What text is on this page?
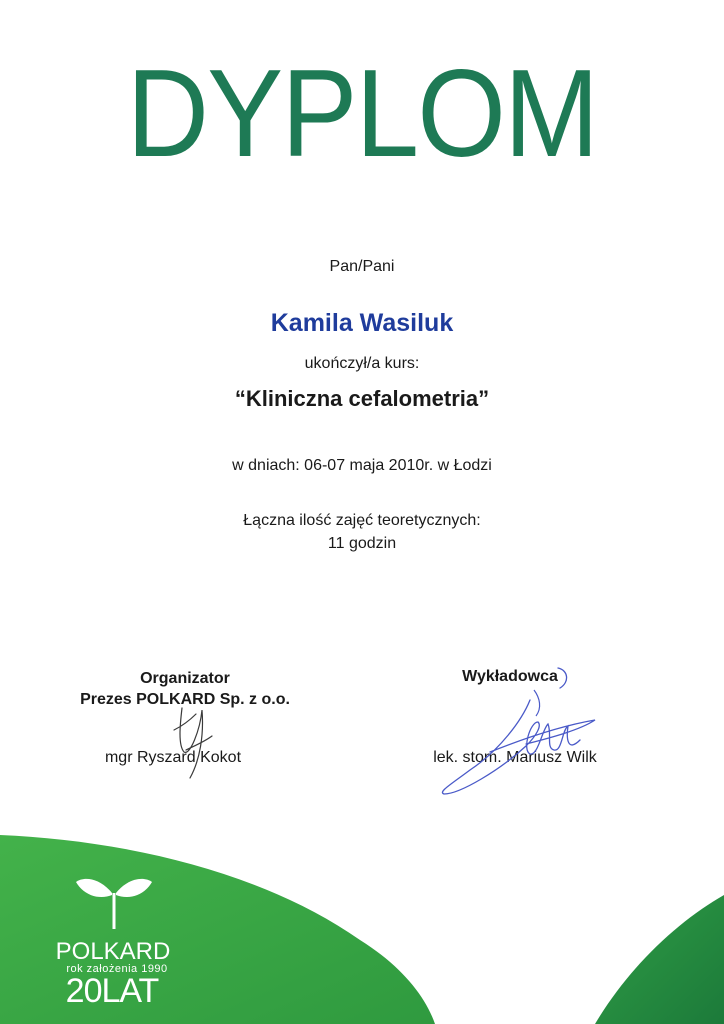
DYPLOM
Pan/Pani
Kamila Wasiluk
ukończył/a kurs:
“Kliniczna cefalometria”
w dniach: 06-07 maja 2010r. w Łodzi
Łączna ilość zajęć teoretycznych:
11 godzin
Organizator
Prezes POLKARD Sp. z o.o.
mgr Ryszard Kokot
Wykładowca
lek. stom. Mariusz Wilk
POLKARD
rok założenia 1990
20LAT
